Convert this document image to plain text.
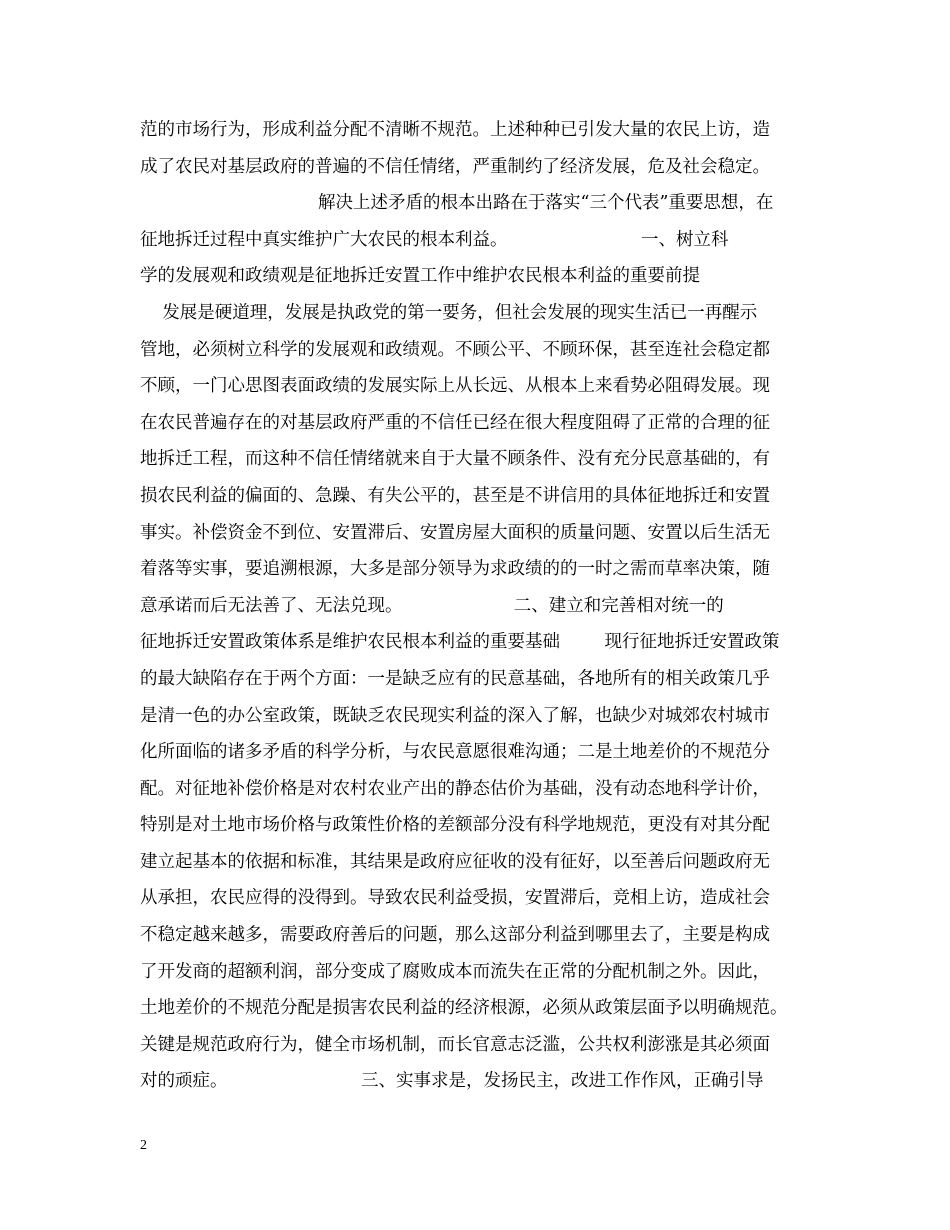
范的市场行为，形成利益分配不清晰不规范。上述种种已引发大量的农民上访，造
成了农民对基层政府的普遍的不信任情绪，严重制约了经济发展，危及社会稳定。
解决上述矛盾的根本出路在于落实“三个代表”重要思想，在
征地拆迁过程中真实维护广大农民的根本利益。                        一、树立科
学的发展观和政绩观是征地拆迁安置工作中维护农民根本利益的重要前提
发展是硬道理，发展是执政党的第一要务，但社会发展的现实生活已一再醒示
管地，必须树立科学的发展观和政绩观。不顾公平、不顾环保，甚至连社会稳定都
不顾，一门心思图表面政绩的发展实际上从长远、从根本上来看势必阻碍发展。现
在农民普遍存在的对基层政府严重的不信任已经在很大程度阻碍了正常的合理的征
地拆迁工程，而这种不信任情绪就来自于大量不顾条件、没有充分民意基础的，有
损农民利益的偏面的、急躁、有失公平的，甚至是不讲信用的具体征地拆迁和安置
事实。补偿资金不到位、安置滞后、安置房屋大面积的质量问题、安置以后生活无
着落等实事，要追溯根源，大多是部分领导为求政绩的的一时之需而草率决策，随
意承诺而后无法善了、无法兑现。                    二、建立和完善相对统一的
征地拆迁安置政策体系是维护农民根本利益的重要基础        现行征地拆迁安置政策
的最大缺陷存在于两个方面：一是缺乏应有的民意基础，各地所有的相关政策几乎
是清一色的办公室政策，既缺乏农民现实利益的深入了解，也缺少对城郊农村城市
化所面临的诸多矛盾的科学分析，与农民意愿很难沟通；二是土地差价的不规范分
配。对征地补偿价格是对农村农业产出的静态估价为基础，没有动态地科学计价，
特别是对土地市场价格与政策性价格的差额部分没有科学地规范，更没有对其分配
建立起基本的依据和标准，其结果是政府应征收的没有征好，以至善后问题政府无
从承担，农民应得的没得到。导致农民利益受损，安置滞后，竞相上访，造成社会
不稳定越来越多，需要政府善后的问题，那么这部分利益到哪里去了，主要是构成
了开发商的超额利润，部分变成了腐败成本而流失在正常的分配机制之外。因此，
土地差价的不规范分配是损害农民利益的经济根源，必须从政策层面予以明确规范。
关键是规范政府行为，健全市场机制，而长官意志泛滥，公共权利澎涨是其必须面
对的顽症。                        三、实事求是，发扬民主，改进工作作风，正确引导
2
